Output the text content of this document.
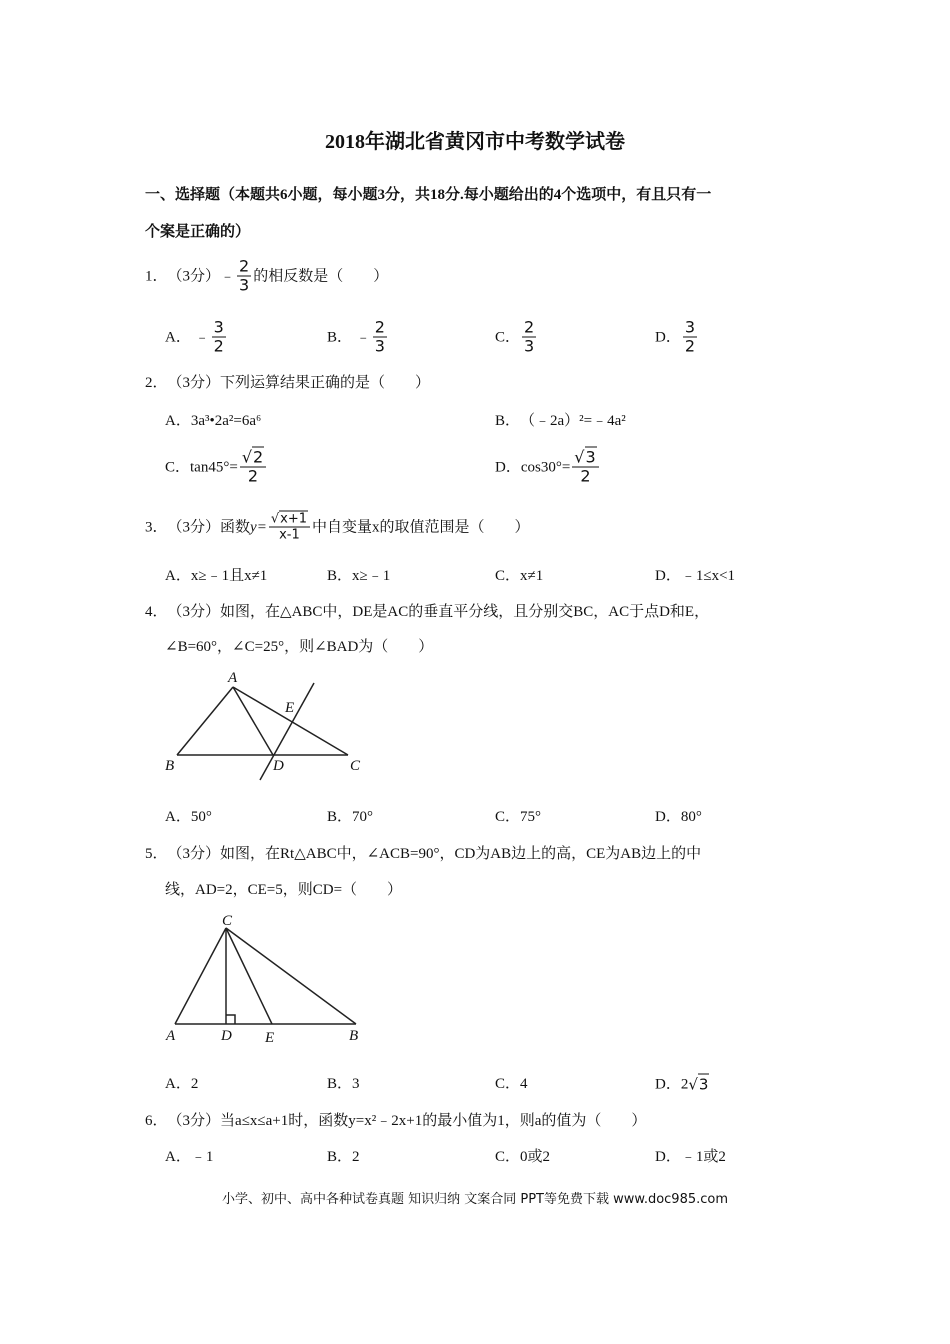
2018年湖北省黄冈市中考数学试卷
一、选择题（本题共6小题，每小题3分，共18分.每小题给出的4个选项中，有且只有一
个案是正确的）
1． （3分） ﹣ $\frac{2}{3}$ 的相反数是（　　）
A．
﹣ $\frac{3}{2}$	B．
﹣ $\frac{2}{3}$	C． $\frac{2}{3}$	D． $\frac{3}{2}$
2． （3分） 下列运算结果正确的是（　　）
A． 3a³•2a²=6a⁶	B． （﹣2a）²=﹣4a²
C． $\tan 45^\circ= \frac{√2}{2}$	D． $\cos 30^\circ= \frac{√3}{2}$
3． （3分） 函数 $y= \frac{√x+1}{x-1}$ 中自变量x的取值范围是（　　）
A． x≥﹣1且x≠1	B． x≥﹣1	C． x≠1	D． ﹣1≤x<1
4． （3分） 如图，在△ABC中，DE是AC的垂直平分线，且分别交BC，AC于点D和E，
∠B=60°，∠C=25°，则∠BAD为（　　）
A
B	C
D
E
C
A	D E	B
A． 50°	B． 70°	C． 75°	D． 80°
5． （3分） 如图，在Rt△ABC中，∠ACB=90°，CD为AB边上的高，CE为AB边上的中
线，AD=2，CE=5，则CD=（　　）
A． 2	B． 3	C． 4	D． 2 √ 3
6． （3分） 当a≤x≤a+1时，函数y=x²﹣2x+1的最小值为1，则a的值为（　　）
A． ﹣1	B． 2	C． 0或2	D． ﹣1或2
小学、初中、高中各种试卷真题 知识归纳 文案合同 PPT等免费下载 www.doc985.com
